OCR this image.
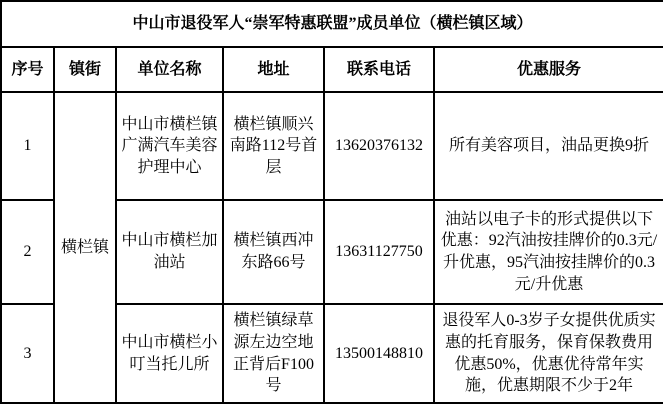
中山市退役军人“崇军特惠联盟”成员单位（横栏镇区域）					
序号	镇街	单位名称	地址	联系电话	优惠服务
1	横栏镇	中山市横栏镇广满汽车美容护理中心	横栏镇顺兴南路112号首层	13620376132	所有美容项目，油品更换9折
2		中山市横栏加油站	横栏镇西冲东路66号	13631127750	油站以电子卡的形式提供以下优惠：92汽油按挂牌价的0.3元/升优惠，95汽油按挂牌价的0.3元/升优惠
3		中山市横栏小叮当托儿所	横栏镇绿草源左边空地正背后F100号	13500148810	退役军人0-3岁子女提供优质实惠的托育服务，保育保教费用优惠50%，优惠优待常年实施，优惠期限不少于2年
